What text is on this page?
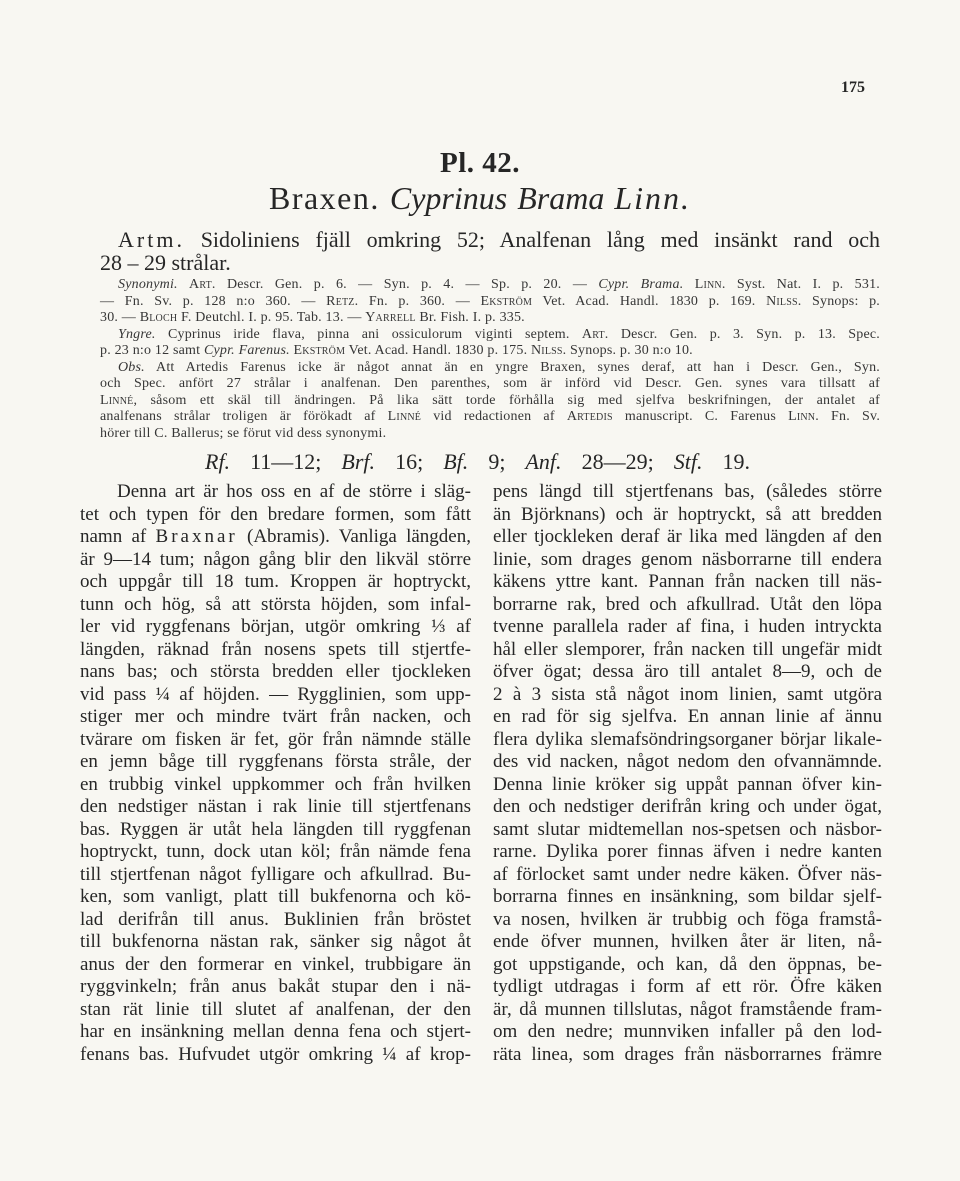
175
Pl. 42.
Braxen. Cyprinus Brama Linn.
Artm. Sidoliniens fjäll omkring 52; Analfenan lång med insänkt rand och
28 – 29 strålar.
Synonymi. Art. Descr. Gen. p. 6. — Syn. p. 4. — Sp. p. 20. — Cypr. Brama. Linn. Syst. Nat. I. p. 531.
— Fn. Sv. p. 128 n:o 360. — Retz. Fn. p. 360. — Ekström Vet. Acad. Handl. 1830 p. 169. Nilss. Synops: p.
30. — Bloch F. Deutchl. I. p. 95. Tab. 13. — Yarrell Br. Fish. I. p. 335.
Yngre. Cyprinus iride flava, pinna ani ossiculorum viginti septem. Art. Descr. Gen. p. 3. Syn. p. 13. Spec.
p. 23 n:o 12 samt Cypr. Farenus. Ekström Vet. Acad. Handl. 1830 p. 175. Nilss. Synops. p. 30 n:o 10.
Obs. Att Artedis Farenus icke är något annat än en yngre Braxen, synes deraf, att han i Descr. Gen., Syn.
och Spec. anfört 27 strålar i analfenan. Den parenthes, som är införd vid Descr. Gen. synes vara tillsatt af
Linné, såsom ett skäl till ändringen. På lika sätt torde förhålla sig med sjelfva beskrifningen, der antalet af
analfenans strålar troligen är förökadt af Linné vid redactionen af Artedis manuscript. C. Farenus Linn. Fn. Sv.
hörer till C. Ballerus; se förut vid dess synonymi.
Rf. 11—12; Brf. 16; Bf. 9; Anf. 28—29; Stf. 19.
Denna art är hos oss en af de större i släg-
tet och typen för den bredare formen, som fått
namn af Braxnar (Abramis). Vanliga längden,
är 9—14 tum; någon gång blir den likväl större
och uppgår till 18 tum. Kroppen är hoptryckt,
tunn och hög, så att största höjden, som infal-
ler vid ryggfenans början, utgör omkring ⅓ af
längden, räknad från nosens spets till stjertfe-
nans bas; och största bredden eller tjockleken
vid pass ¼ af höjden. — Rygglinien, som upp-
stiger mer och mindre tvärt från nacken, och
tvärare om fisken är fet, gör från nämnde ställe
en jemn båge till ryggfenans första stråle, der
en trubbig vinkel uppkommer och från hvilken
den nedstiger nästan i rak linie till stjertfenans
bas. Ryggen är utåt hela längden till ryggfenan
hoptryckt, tunn, dock utan köl; från nämde fena
till stjertfenan något fylligare och afkullrad. Bu-
ken, som vanligt, platt till bukfenorna och kö-
lad derifrån till anus. Buklinien från bröstet
till bukfenorna nästan rak, sänker sig något åt
anus der den formerar en vinkel, trubbigare än
ryggvinkeln; från anus bakåt stupar den i nä-
stan rät linie till slutet af analfenan, der den
har en insänkning mellan denna fena och stjert-
fenans bas. Hufvudet utgör omkring ¼ af krop-
pens längd till stjertfenans bas, (således större
än Björknans) och är hoptryckt, så att bredden
eller tjockleken deraf är lika med längden af den
linie, som drages genom näsborrarne till endera
käkens yttre kant. Pannan från nacken till näs-
borrarne rak, bred och afkullrad. Utåt den löpa
tvenne parallela rader af fina, i huden intryckta
hål eller slemporer, från nacken till ungefär midt
öfver ögat; dessa äro till antalet 8—9, och de
2 à 3 sista stå något inom linien, samt utgöra
en rad för sig sjelfva. En annan linie af ännu
flera dylika slemafsöndringsorganer börjar likale-
des vid nacken, något nedom den ofvannämnde.
Denna linie kröker sig uppåt pannan öfver kin-
den och nedstiger derifrån kring och under ögat,
samt slutar midtemellan nos-spetsen och näsbor-
rarne. Dylika porer finnas äfven i nedre kanten
af förlocket samt under nedre käken. Öfver näs-
borrarna finnes en insänkning, som bildar sjelf-
va nosen, hvilken är trubbig och föga framstå-
ende öfver munnen, hvilken åter är liten, nå-
got uppstigande, och kan, då den öppnas, be-
tydligt utdragas i form af ett rör. Öfre käken
är, då munnen tillslutas, något framstående fram-
om den nedre; munnviken infaller på den lod-
räta linea, som drages från näsborrarnes främre
